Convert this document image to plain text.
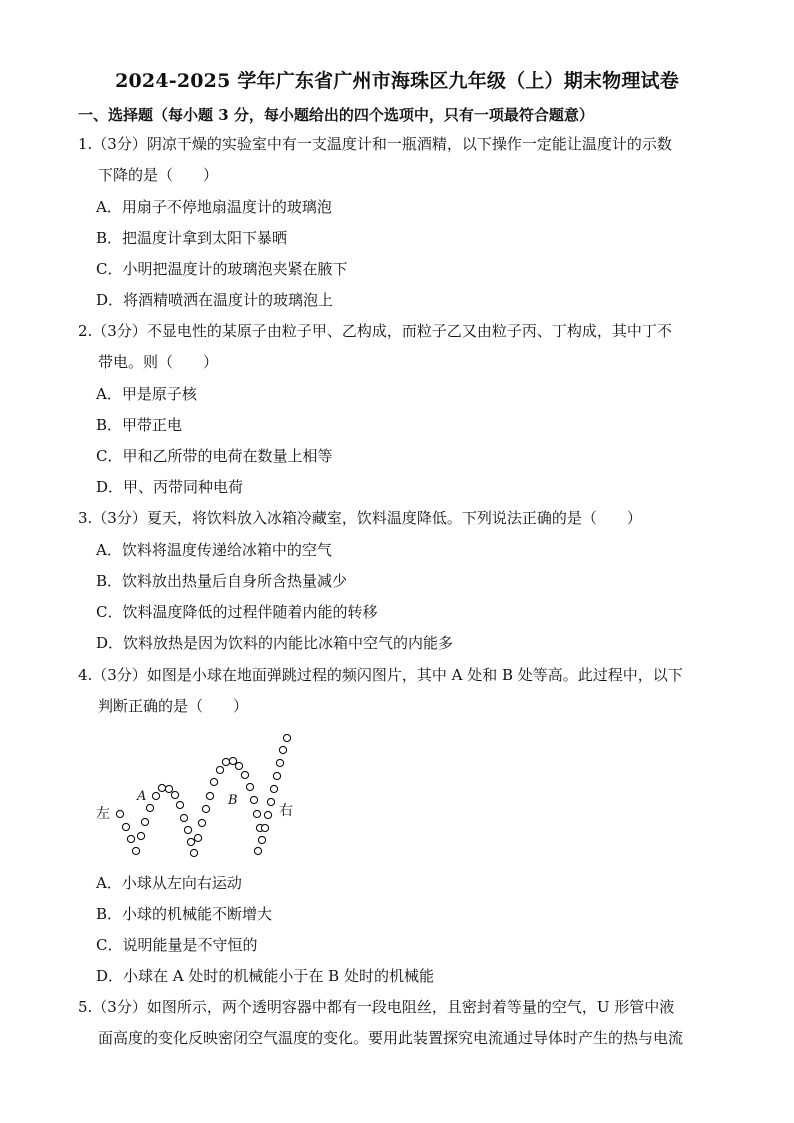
2024-2025 学年广东省广州市海珠区九年级（上）期末物理试卷
一、选择题（每小题 3 分，每小题给出的四个选项中，只有一项最符合题意）
1.（3分）阴凉干燥的实验室中有一支温度计和一瓶酒精，以下操作一定能让温度计的示数
下降的是（　　）
A．用扇子不停地扇温度计的玻璃泡
B．把温度计拿到太阳下暴晒
C．小明把温度计的玻璃泡夹紧在腋下
D．将酒精喷洒在温度计的玻璃泡上
2.（3分）不显电性的某原子由粒子甲、乙构成，而粒子乙又由粒子丙、丁构成，其中丁不
带电。则（　　）
A．甲是原子核
B．甲带正电
C．甲和乙所带的电荷在数量上相等
D．甲、丙带同种电荷
3.（3分）夏天，将饮料放入冰箱冷藏室，饮料温度降低。下列说法正确的是（　　）
A．饮料将温度传递给冰箱中的空气
B．饮料放出热量后自身所含热量减少
C．饮料温度降低的过程伴随着内能的转移
D．饮料放热是因为饮料的内能比冰箱中空气的内能多
4.（3分）如图是小球在地面弹跳过程的频闪图片，其中 A 处和 B 处等高。此过程中，以下
判断正确的是（　　）
左	右
A	B
A．小球从左向右运动
B．小球的机械能不断增大
C．说明能量是不守恒的
D．小球在 A 处时的机械能小于在 B 处时的机械能
5.（3分）如图所示，两个透明容器中都有一段电阻丝，且密封着等量的空气，U 形管中液
面高度的变化反映密闭空气温度的变化。要用此装置探究电流通过导体时产生的热与电流
